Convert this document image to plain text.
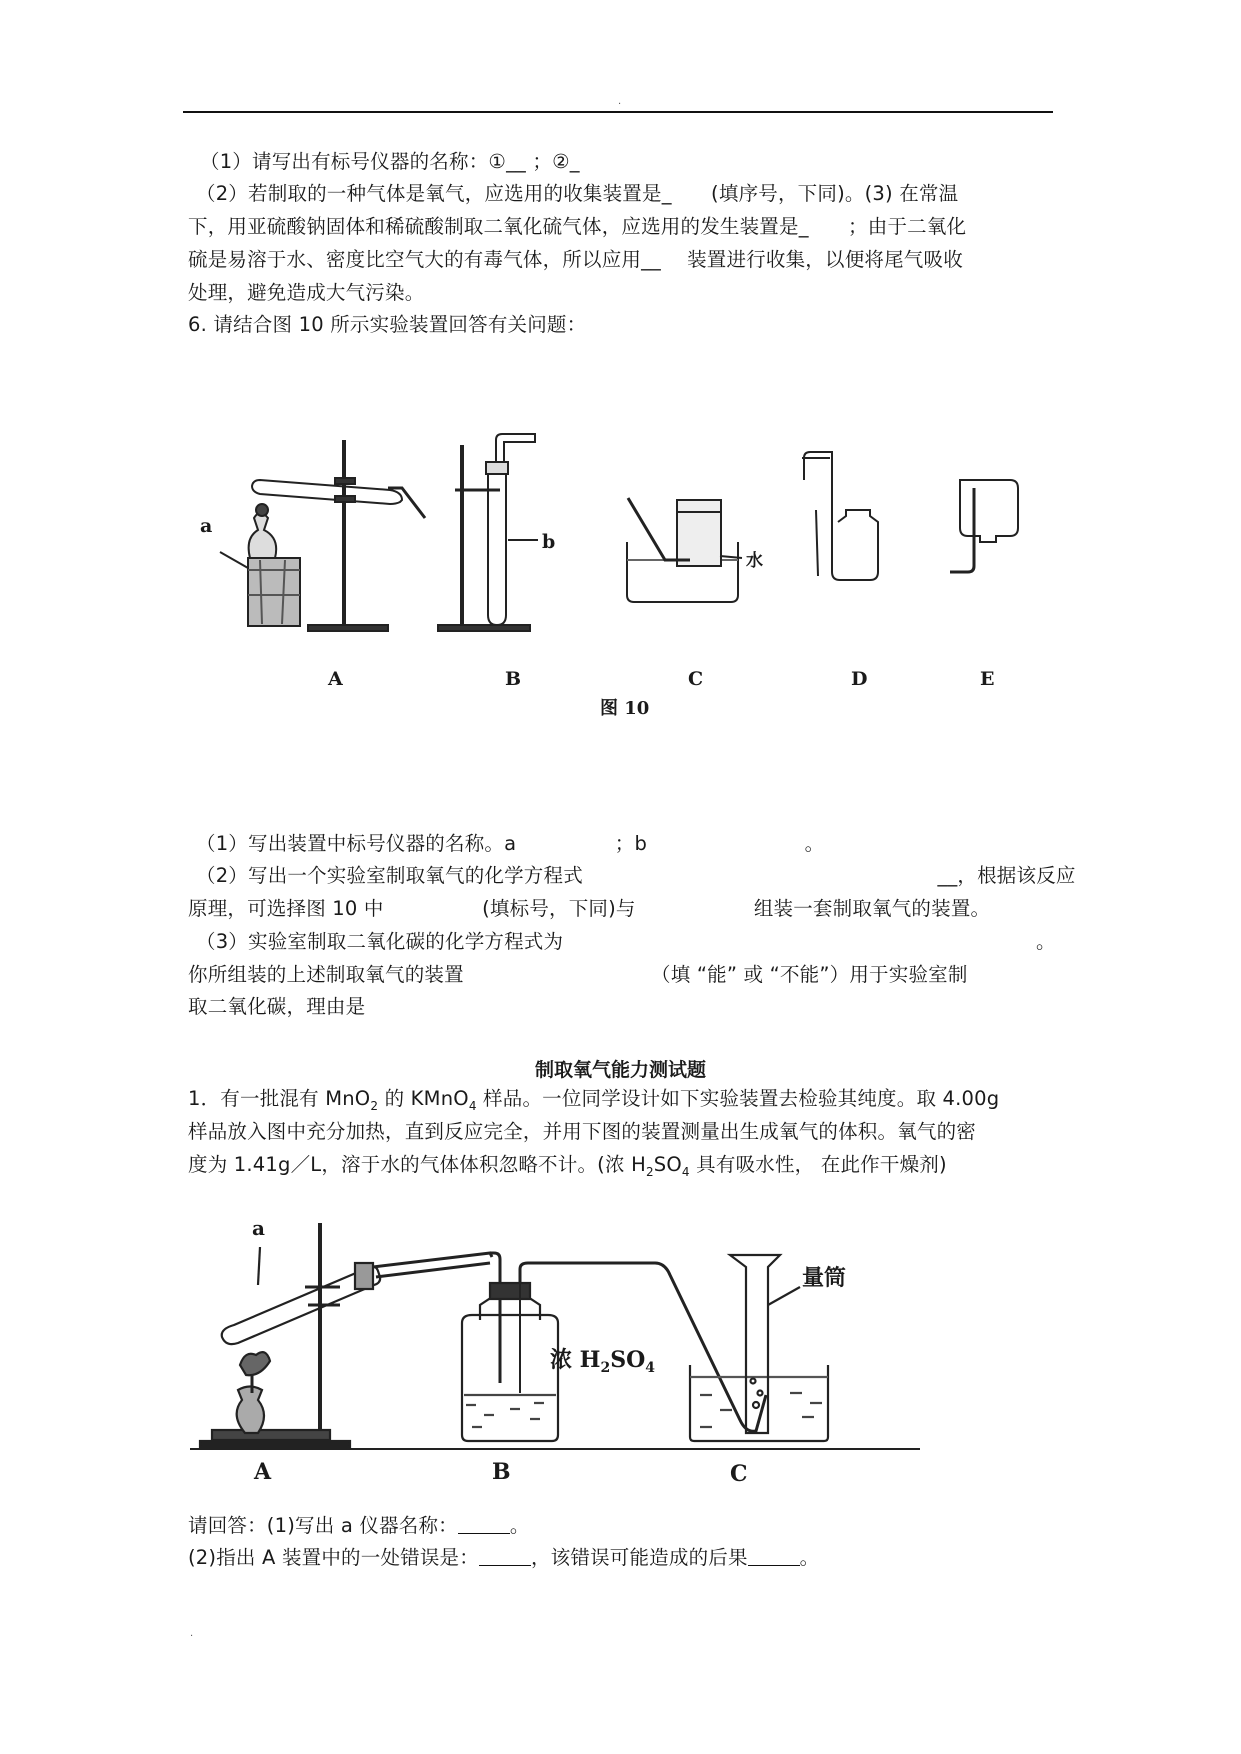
.
（1）请写出有标号仪器的名称：①__ ；②_
（2）若制取的一种气体是氧气，应选用的收集装置是_　　(填序号，下同)。(3) 在常温
下，用亚硫酸钠固体和稀硫酸制取二氧化硫气体，应选用的发生装置是_　　；由于二氧化
硫是易溶于水、密度比空气大的有毒气体，所以应用__ 　装置进行收集，以便将尾气吸收
处理，避免造成大气污染。
6. 请结合图 10 所示实验装置回答有关问题：
a
b
水
A	B	C	D	E
图 10
（1）写出装置中标号仪器的名称。a　　　　　；b　　　　　　　　。
（2）写出一个实验室制取氧气的化学方程式　　　　　　　　　　　　　　　　　　__，根据该反应
原理，可选择图 10 中　　　　　(填标号，下同)与　　　　　　组装一套制取氧气的装置。
（3）实验室制取二氧化碳的化学方程式为　　　　　　　　　　　　　　　　　　　　　　　　。
你所组装的上述制取氧气的装置　　　　　　　　　　（填 “能” 或 “不能”）用于实验室制
取二氧化碳，理由是
制取氧气能力测试题
1．有一批混有 MnO$_2$ 的 KMnO$_4$ 样品。一位同学设计如下实验装置去检验其纯度。取 4.00g
样品放入图中充分加热，直到反应完全，并用下图的装置测量出生成氧气的体积。氧气的密
度为 1.41g／L，溶于水的气体体积忽略不计。(浓 $H_2SO_4$ 具有吸水性， 在此作干燥剂)
a
量筒
浓 $H_2SO_4$
A	B	C
请回答：(1)写出 a 仪器名称：	。
(2)指出 A 装置中的一处错误是：	，该错误可能造成的后果	。
.
